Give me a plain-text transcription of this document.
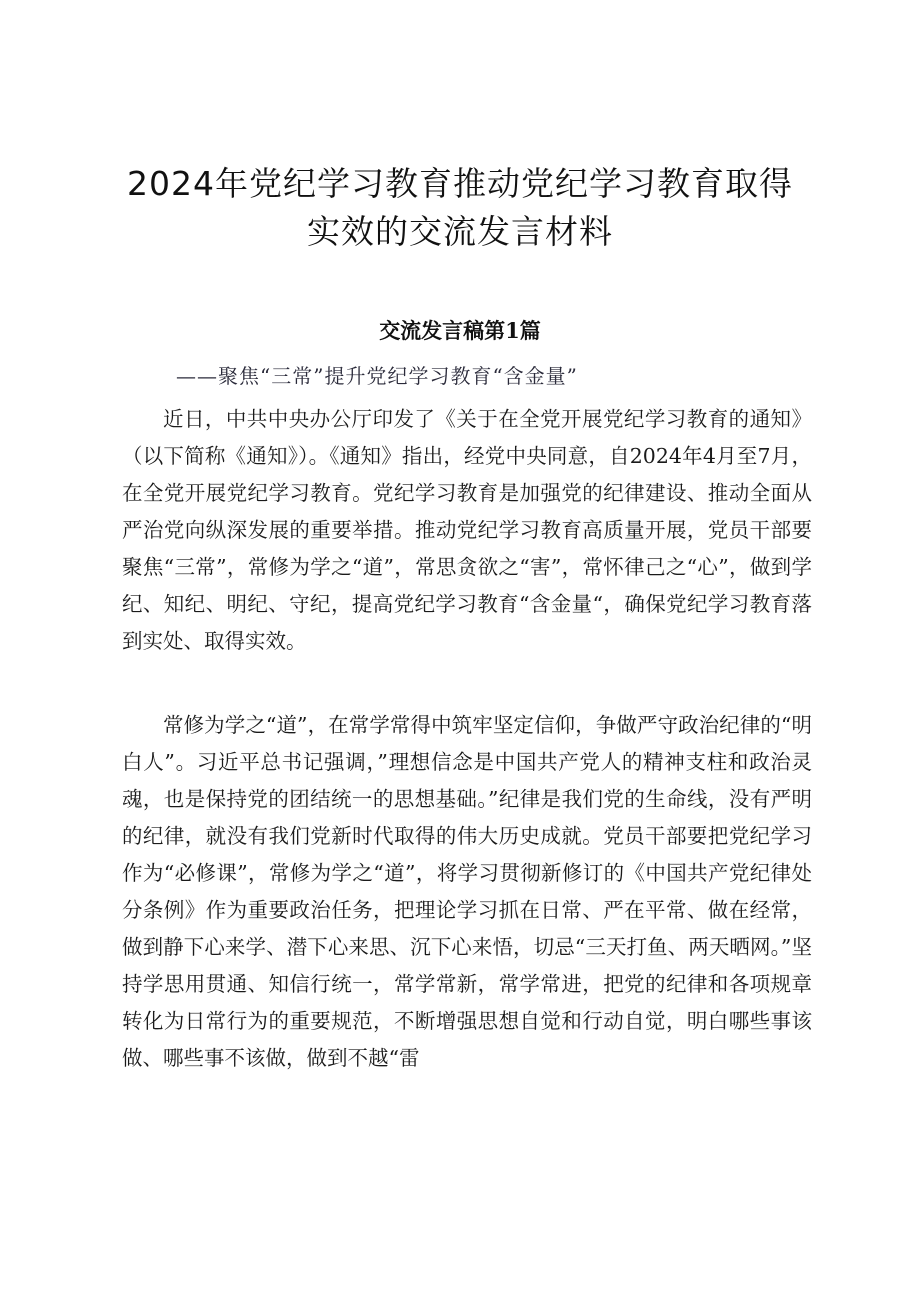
2024年党纪学习教育推动党纪学习教育取得
实效的交流发言材料
交流发言稿第1篇
——聚焦“三常”提升党纪学习教育“含金量”

近日，中共中央办公厅印发了《关于在全党开展党纪学习教育的通知》（以下简称《通知》）。《通知》指出，经党中央同意，自2024年4月至7月，在全党开展党纪学习教育。党纪学习教育是加强党的纪律建设、推动全面从严治党向纵深发展的重要举措。推动党纪学习教育高质量开展，党员干部要聚焦“三常”，常修为学之“道”，常思贪欲之“害”，常怀律己之“心”，做到学纪、知纪、明纪、守纪，提高党纪学习教育“含金量“，确保党纪学习教育落到实处、取得实效。

常修为学之“道”，在常学常得中筑牢坚定信仰，争做严守政治纪律的“明白人”。习近平总书记强调，”理想信念是中国共产党人的精神支柱和政治灵魂，也是保持党的团结统一的思想基础。”纪律是我们党的生命线，没有严明的纪律，就没有我们党新时代取得的伟大历史成就。党员干部要把党纪学习作为“必修课”，常修为学之“道”，将学习贯彻新修订的《中国共产党纪律处分条例》作为重要政治任务，把理论学习抓在日常、严在平常、做在经常，做到静下心来学、潜下心来思、沉下心来悟，切忌“三天打鱼、两天晒网。”坚持学思用贯通、知信行统一，常学常新，常学常进，把党的纪律和各项规章转化为日常行为的重要规范，不断增强思想自觉和行动自觉，明白哪些事该做、哪些事不该做，做到不越“雷
